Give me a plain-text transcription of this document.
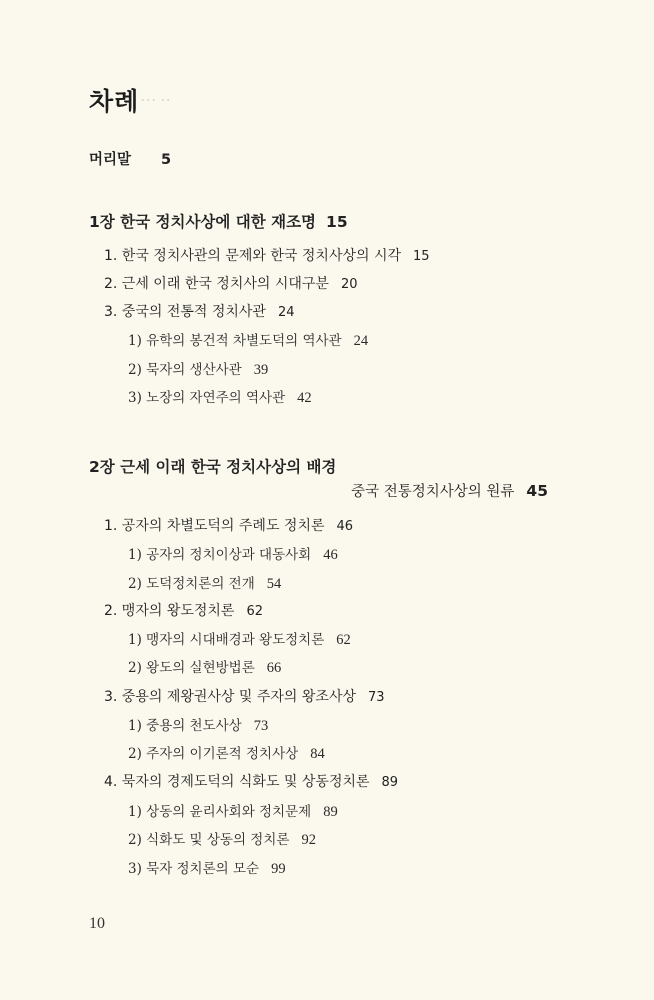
차례 ･･･ ･･
머리말 5
1장 한국 정치사상에 대한 재조명 15
1. 한국 정치사관의 문제와 한국 정치사상의 시각 15
2. 근세 이래 한국 정치사의 시대구분 20
3. 중국의 전통적 정치사관 24
1) 유학의 봉건적 차별도덕의 역사관 24
2) 묵자의 생산사관 39
3) 노장의 자연주의 역사관 42
2장 근세 이래 한국 정치사상의 배경
중국 전통정치사상의 원류 45
1. 공자의 차별도덕의 주례도 정치론 46
1) 공자의 정치이상과 대동사회 46
2) 도덕정치론의 전개 54
2. 맹자의 왕도정치론 62
1) 맹자의 시대배경과 왕도정치론 62
2) 왕도의 실현방법론 66
3. 중용의 제왕권사상 및 주자의 왕조사상 73
1) 중용의 천도사상 73
2) 주자의 이기론적 정치사상 84
4. 묵자의 경제도덕의 식화도 및 상동정치론 89
1) 상동의 윤리사회와 정치문제 89
2) 식화도 및 상동의 정치론 92
3) 묵자 정치론의 모순 99
10
